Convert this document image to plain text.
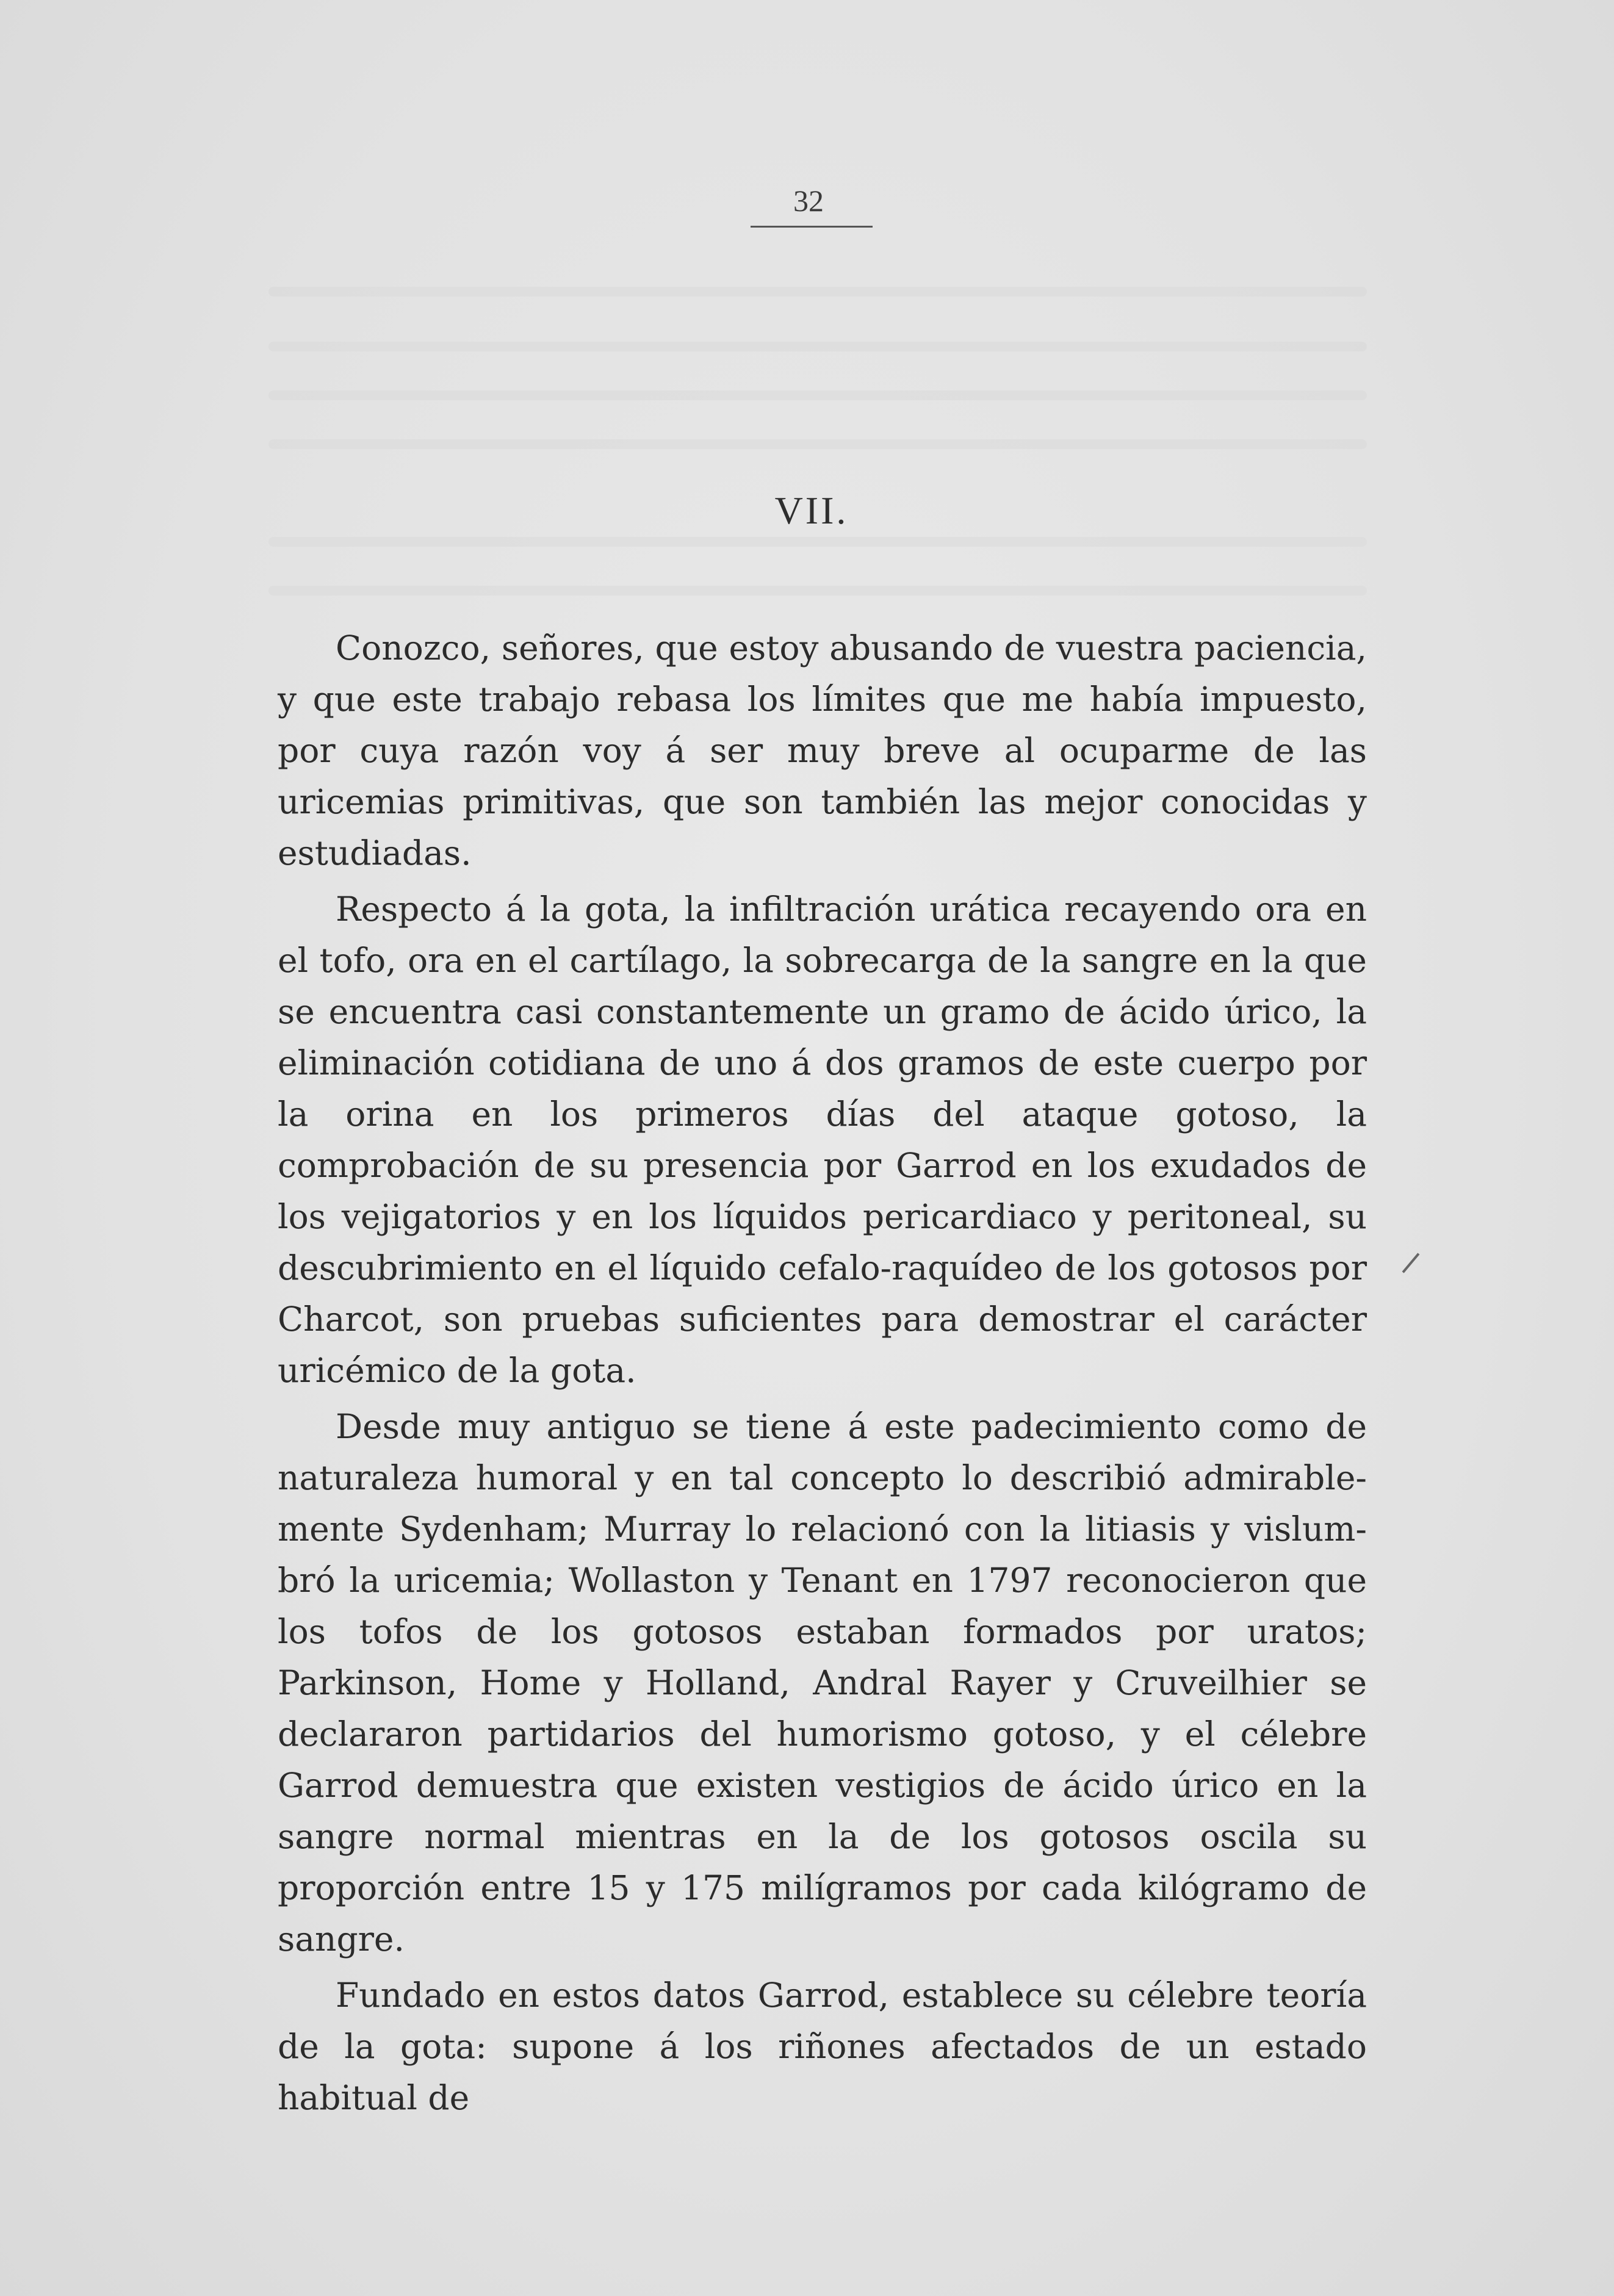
32
VII.

Conozco, señores, que estoy abusando de vuestra paciencia, y que este trabajo rebasa los límites que me había impuesto, por cuya razón voy á ser muy breve al ocuparme de las uricemias primitivas, que son también las mejor conocidas y estudiadas.

Respecto á la gota, la infiltración urática recayendo ora en el tofo, ora en el cartílago, la sobrecarga de la sangre en la que se encuentra casi constantemente un gramo de ácido úrico, la eliminación cotidiana de uno á dos gramos de este cuerpo por la orina en los primeros días del ataque gotoso, la comprobación de su presencia por Garrod en los exudados de los vejigatorios y en los líquidos pericardiaco y peritoneal, su descubrimiento en el líquido cefalo-raquídeo de los gotosos por Charcot, son pruebas suficientes para demostrar el carácter uricémico de la gota.

Desde muy antiguo se tiene á este padecimiento como de naturaleza humoral y en tal concepto lo describió admirablemente Sydenham; Murray lo relacionó con la litiasis y vislumbró la uricemia; Wollaston y Tenant en 1797 reconocieron que los tofos de los gotosos estaban formados por uratos; Parkinson, Home y Holland, Andral Rayer y Cruveilhier se declararon partidarios del humorismo gotoso, y el célebre Garrod demuestra que existen vestigios de ácido úrico en la sangre normal mientras en la de los gotosos oscila su proporción entre 15 y 175 milígramos por cada kilógramo de sangre.

Fundado en estos datos Garrod, establece su célebre teoría de la gota: supone á los riñones afectados de un estado habitual de
